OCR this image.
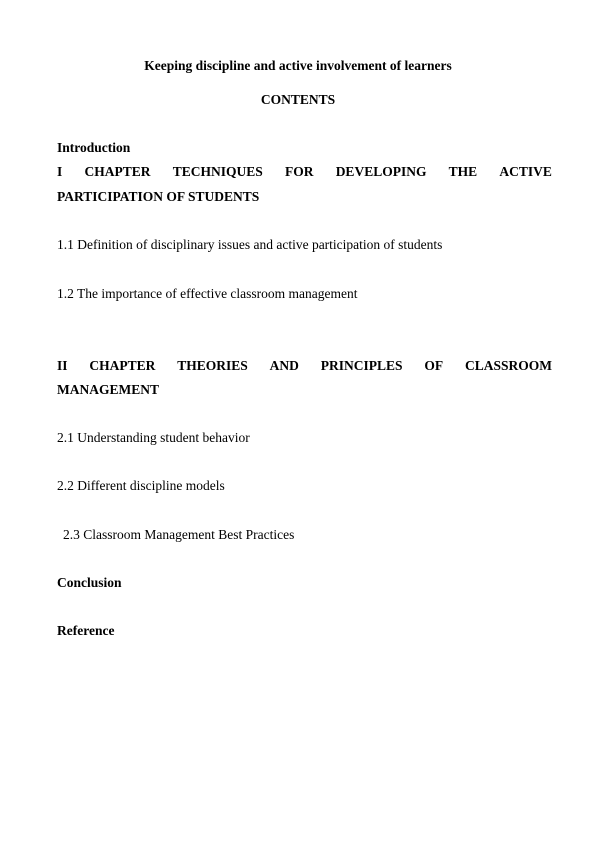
Keeping discipline and active involvement of learners
CONTENTS
Introduction
I CHAPTER TECHNIQUES FOR DEVELOPING THE ACTIVE
PARTICIPATION OF STUDENTS
1.1 Definition of disciplinary issues and active participation of students
1.2 The importance of effective classroom management
II CHAPTER THEORIES AND PRINCIPLES OF CLASSROOM
MANAGEMENT
2.1 Understanding student behavior
2.2 Different discipline models
2.3 Classroom Management Best Practices
Conclusion
Reference
